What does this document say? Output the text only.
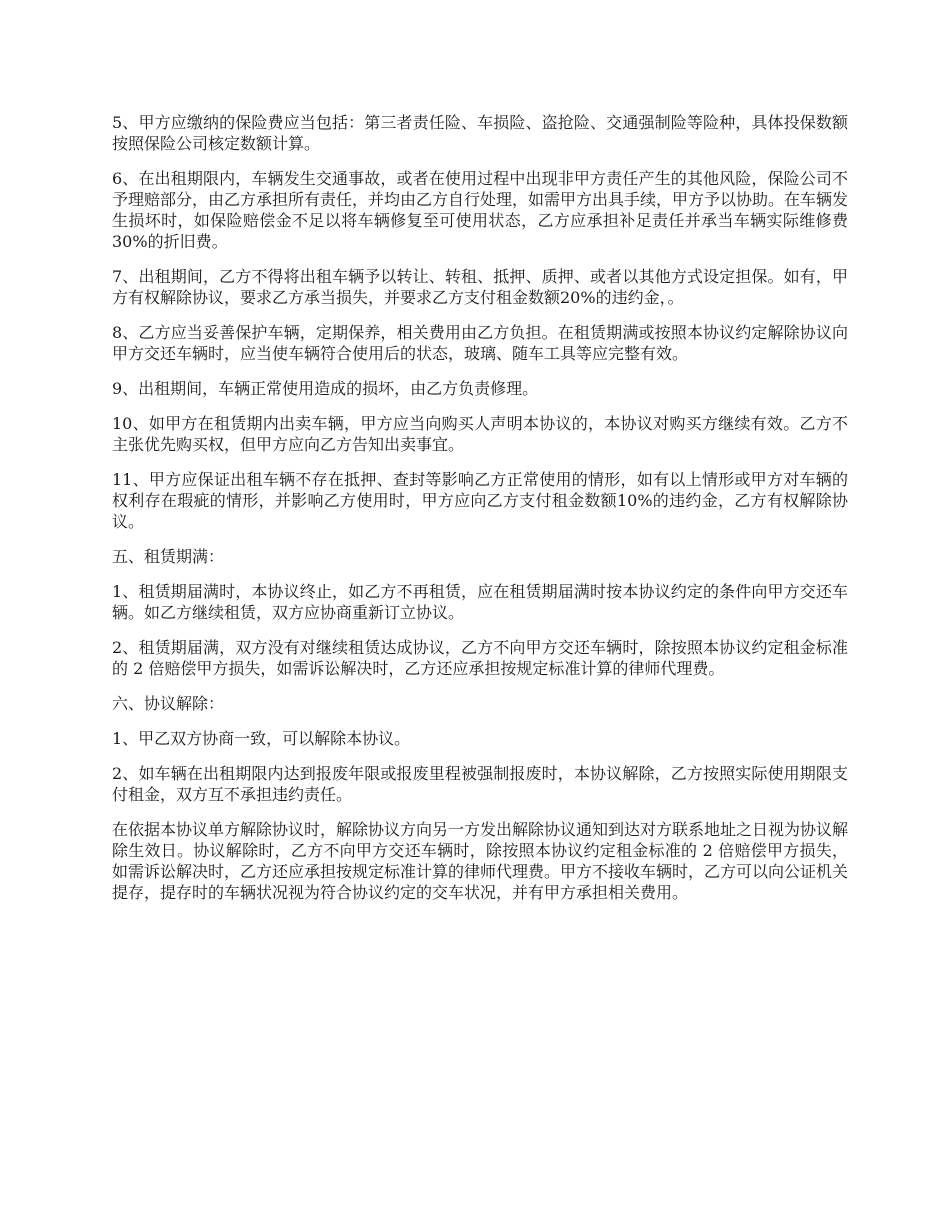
5、甲方应缴纳的保险费应当包括：第三者责任险、车损险、盗抢险、交通强制险等险种，具体投保数额按照保险公司核定数额计算。

6、在出租期限内，车辆发生交通事故，或者在使用过程中出现非甲方责任产生的其他风险，保险公司不予理赔部分，由乙方承担所有责任，并均由乙方自行处理，如需甲方出具手续，甲方予以协助。在车辆发生损坏时，如保险赔偿金不足以将车辆修复至可使用状态，乙方应承担补足责任并承当车辆实际维修费30%的折旧费。

7、出租期间，乙方不得将出租车辆予以转让、转租、抵押、质押、或者以其他方式设定担保。如有，甲方有权解除协议，要求乙方承当损失，并要求乙方支付租金数额20%的违约金，。

8、乙方应当妥善保护车辆，定期保养，相关费用由乙方负担。在租赁期满或按照本协议约定解除协议向甲方交还车辆时，应当使车辆符合使用后的状态，玻璃、随车工具等应完整有效。

9、出租期间，车辆正常使用造成的损坏，由乙方负责修理。

10、如甲方在租赁期内出卖车辆，甲方应当向购买人声明本协议的，本协议对购买方继续有效。乙方不主张优先购买权，但甲方应向乙方告知出卖事宜。

11、甲方应保证出租车辆不存在抵押、查封等影响乙方正常使用的情形，如有以上情形或甲方对车辆的权利存在瑕疵的情形，并影响乙方使用时，甲方应向乙方支付租金数额10%的违约金，乙方有权解除协议。

五、租赁期满：

1、租赁期届满时，本协议终止，如乙方不再租赁，应在租赁期届满时按本协议约定的条件向甲方交还车辆。如乙方继续租赁，双方应协商重新订立协议。

2、租赁期届满，双方没有对继续租赁达成协议，乙方不向甲方交还车辆时，除按照本协议约定租金标准的 2 倍赔偿甲方损失，如需诉讼解决时，乙方还应承担按规定标准计算的律师代理费。

六、协议解除：

1、甲乙双方协商一致，可以解除本协议。

2、如车辆在出租期限内达到报废年限或报废里程被强制报废时，本协议解除，乙方按照实际使用期限支付租金，双方互不承担违约责任。

在依据本协议单方解除协议时，解除协议方向另一方发出解除协议通知到达对方联系地址之日视为协议解除生效日。协议解除时，乙方不向甲方交还车辆时，除按照本协议约定租金标准的 2 倍赔偿甲方损失，如需诉讼解决时，乙方还应承担按规定标准计算的律师代理费。甲方不接收车辆时，乙方可以向公证机关提存，提存时的车辆状况视为符合协议约定的交车状况，并有甲方承担相关费用。
